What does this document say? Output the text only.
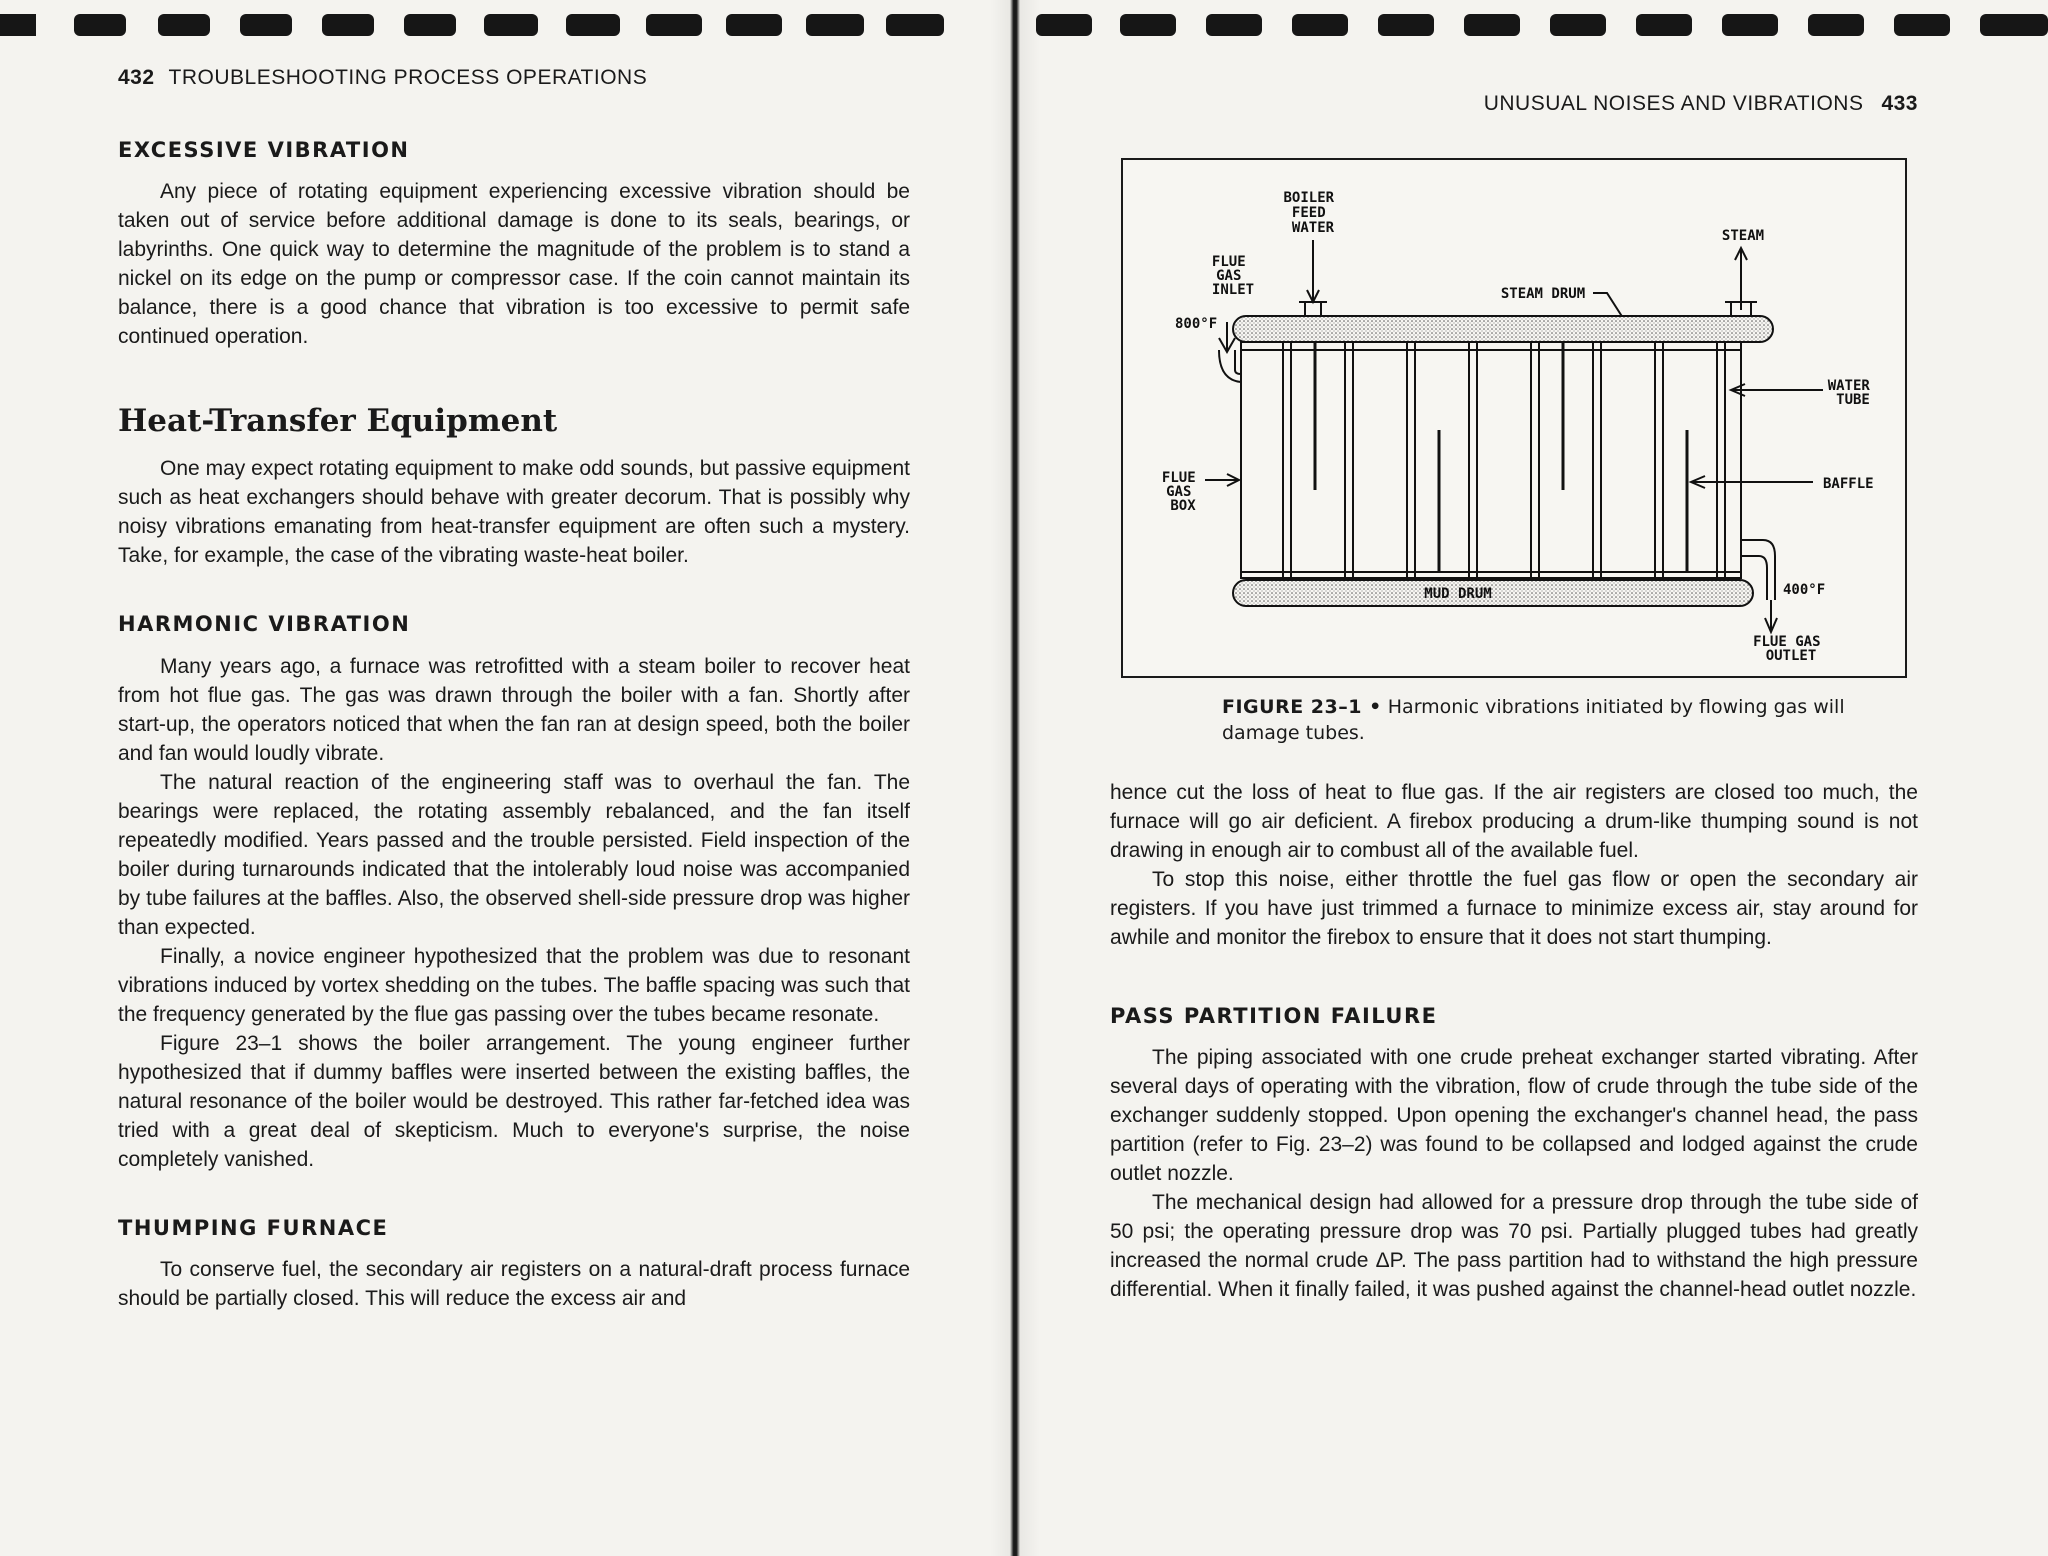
432 TROUBLESHOOTING PROCESS OPERATIONS
EXCESSIVE VIBRATION

Any piece of rotating equipment experiencing excessive vibration should be taken out of service before additional damage is done to its seals, bearings, or labyrinths. One quick way to determine the magnitude of the problem is to stand a nickel on its edge on the pump or compressor case. If the coin cannot maintain its balance, there is a good chance that vibration is too excessive to permit safe continued operation.

Heat-Transfer Equipment

One may expect rotating equipment to make odd sounds, but passive equipment such as heat exchangers should behave with greater decorum. That is possibly why noisy vibrations emanating from heat-transfer equipment are often such a mystery. Take, for example, the case of the vibrating waste-heat boiler.

HARMONIC VIBRATION

Many years ago, a furnace was retrofitted with a steam boiler to recover heat from hot flue gas. The gas was drawn through the boiler with a fan. Shortly after start-up, the operators noticed that when the fan ran at design speed, both the boiler and fan would loudly vibrate.

The natural reaction of the engineering staff was to overhaul the fan. The bearings were replaced, the rotating assembly rebalanced, and the fan itself repeatedly modified. Years passed and the trouble persisted. Field inspection of the boiler during turnarounds indicated that the intolerably loud noise was accompanied by tube failures at the baffles. Also, the observed shell-side pressure drop was higher than expected.

Finally, a novice engineer hypothesized that the problem was due to resonant vibrations induced by vortex shedding on the tubes. The baffle spacing was such that the frequency generated by the flue gas passing over the tubes became resonate.

Figure 23–1 shows the boiler arrangement. The young engineer further hypothesized that if dummy baffles were inserted between the existing baffles, the natural resonance of the boiler would be destroyed. This rather far-fetched idea was tried with a great deal of skepticism. Much to everyone's surprise, the noise completely vanished.

THUMPING FURNACE

To conserve fuel, the secondary air registers on a natural-draft process furnace should be partially closed. This will reduce the excess air and

UNUSUAL NOISES AND VIBRATIONS 433
BOILER FEED WATER	STEAM
FLUE GAS INLET	STEAM DRUM
800°F
MUD DRUM
WATER TUBE
FLUE GAS BOX
BAFFLE
400°F
FLUE GAS OUTLET
FIGURE 23–1 • Harmonic vibrations initiated by flowing gas will damage tubes.

hence cut the loss of heat to flue gas. If the air registers are closed too much, the furnace will go air deficient. A firebox producing a drum-like thumping sound is not drawing in enough air to combust all of the available fuel.

To stop this noise, either throttle the fuel gas flow or open the secondary air registers. If you have just trimmed a furnace to minimize excess air, stay around for awhile and monitor the firebox to ensure that it does not start thumping.

PASS PARTITION FAILURE

The piping associated with one crude preheat exchanger started vibrating. After several days of operating with the vibration, flow of crude through the tube side of the exchanger suddenly stopped. Upon opening the exchanger's channel head, the pass partition (refer to Fig. 23–2) was found to be collapsed and lodged against the crude outlet nozzle.

The mechanical design had allowed for a pressure drop through the tube side of 50 psi; the operating pressure drop was 70 psi. Partially plugged tubes had greatly increased the normal crude ΔP. The pass partition had to withstand the high pressure differential. When it finally failed, it was pushed against the channel-head outlet nozzle.
